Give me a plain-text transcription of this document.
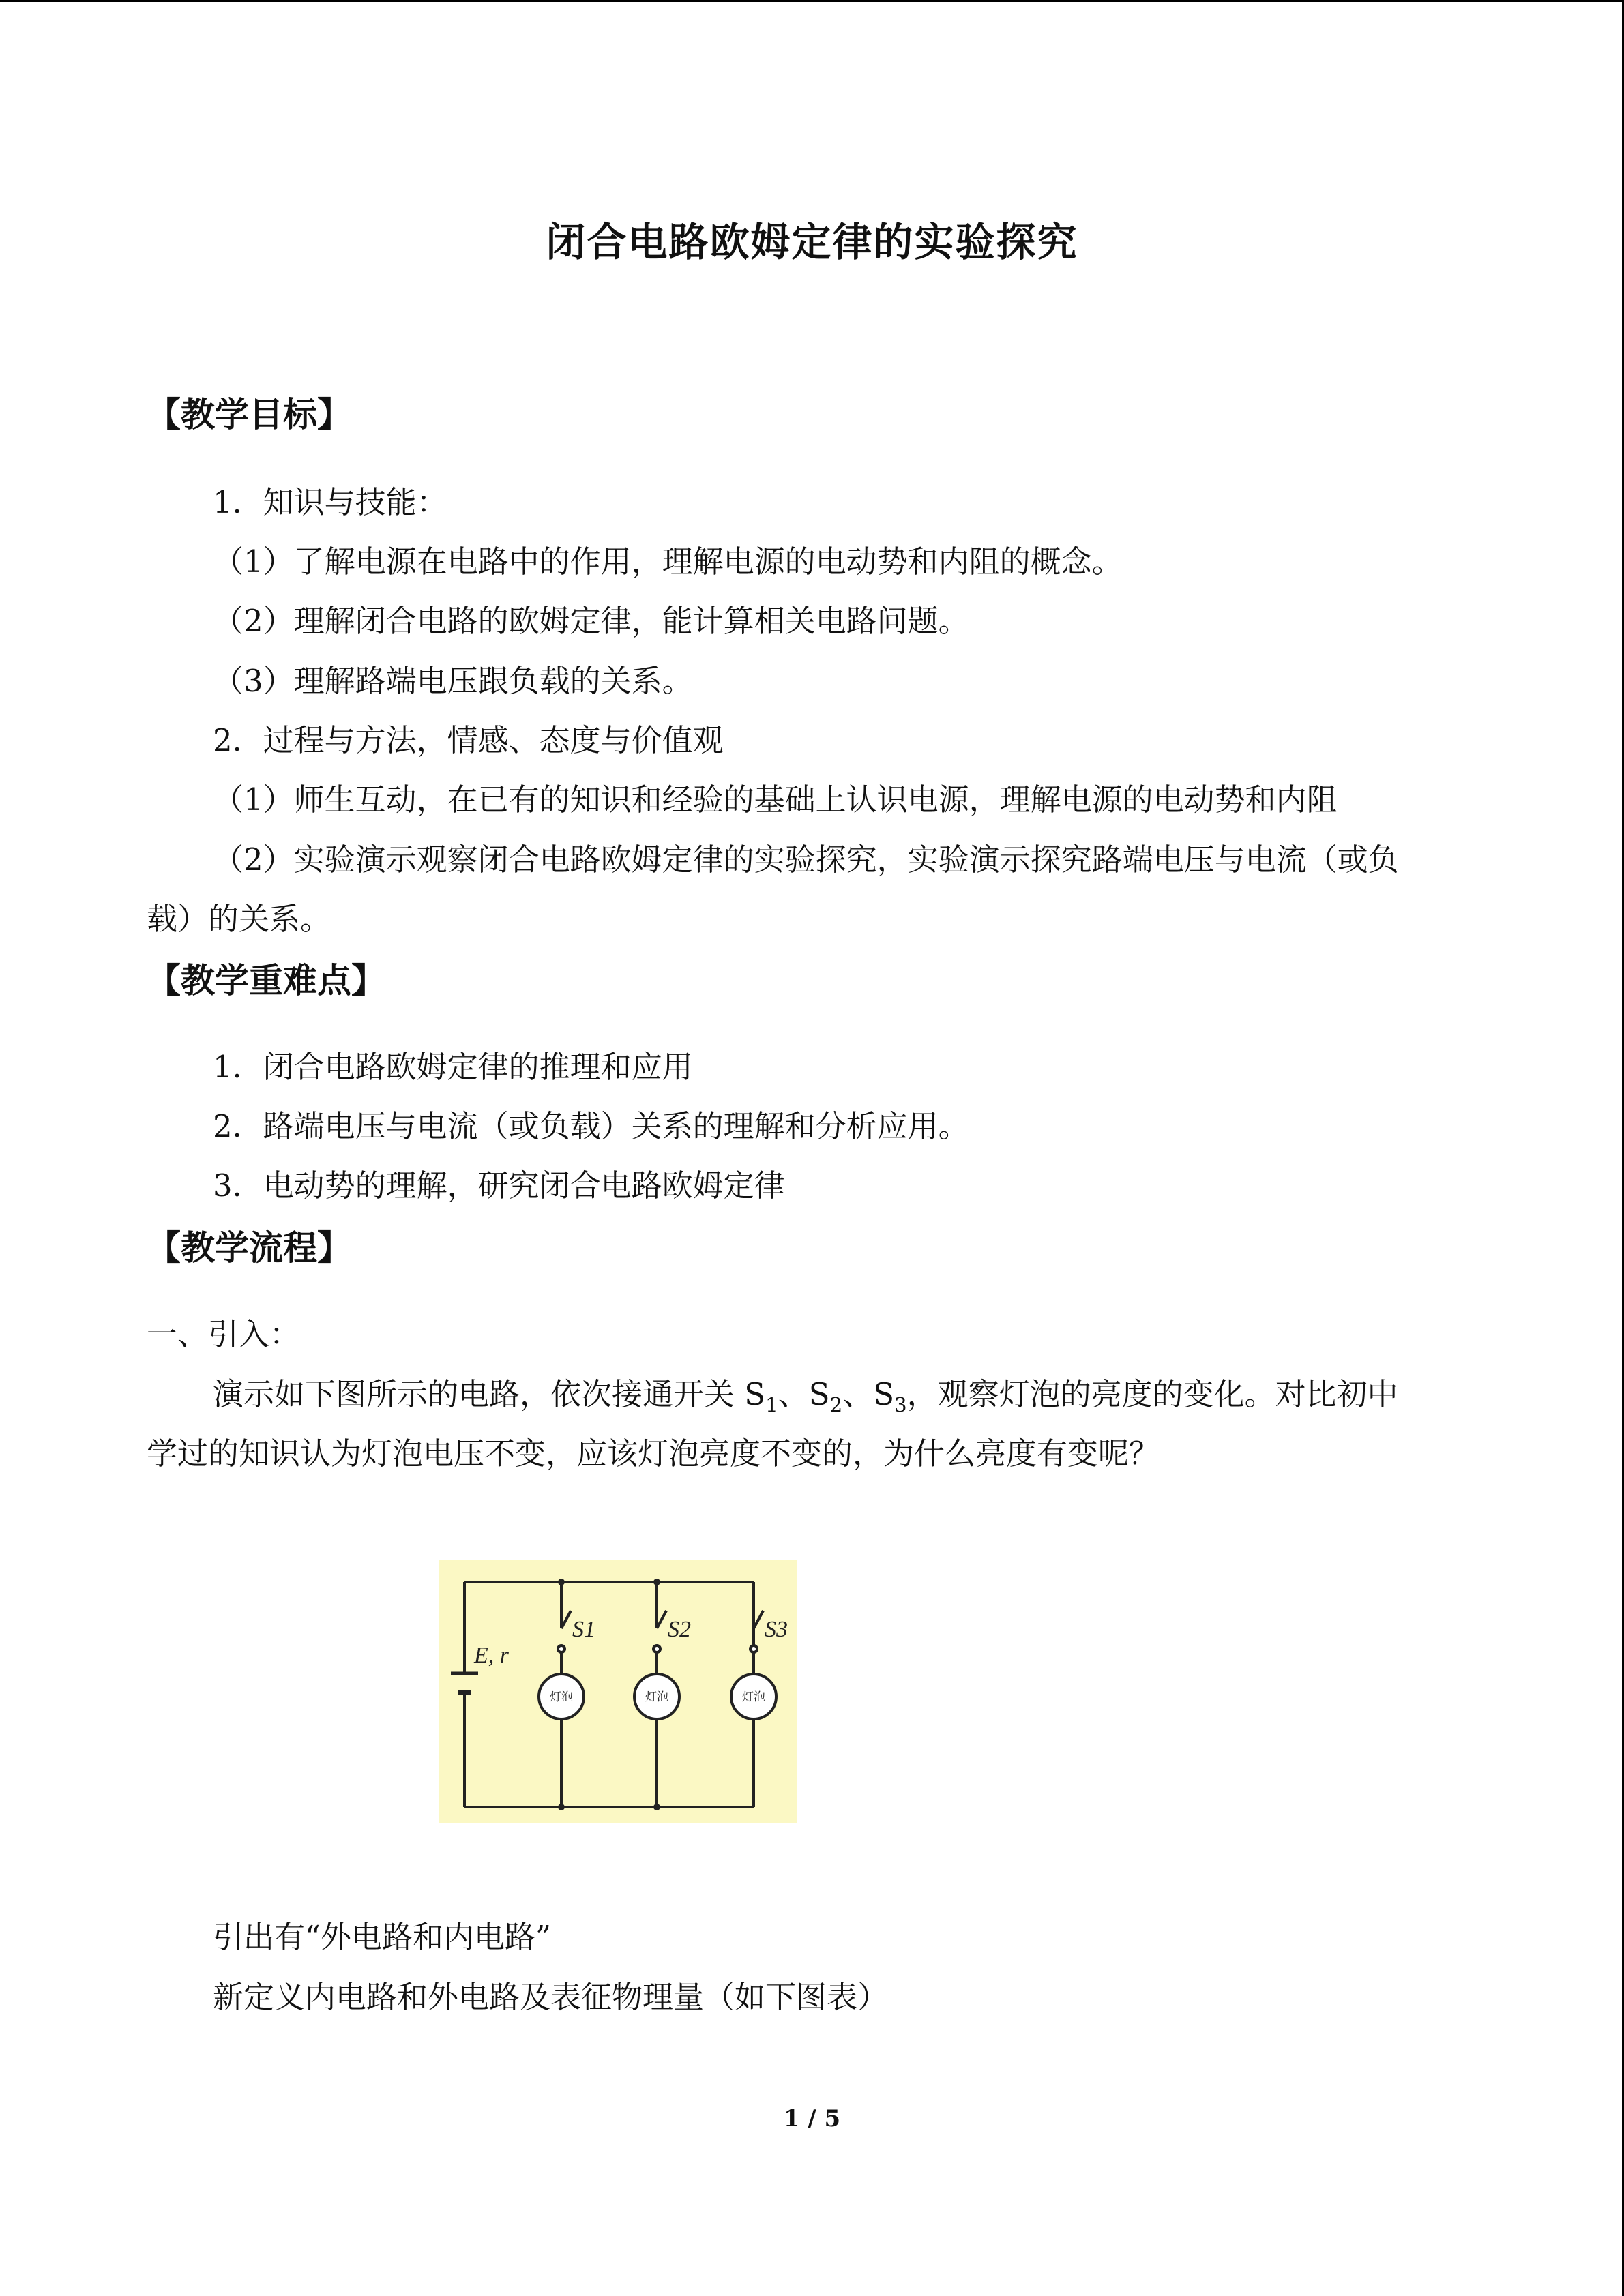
闭合电路欧姆定律的实验探究
【教学目标】
1．知识与技能：
（1）了解电源在电路中的作用，理解电源的电动势和内阻的概念。
（2）理解闭合电路的欧姆定律，能计算相关电路问题。
（3）理解路端电压跟负载的关系。
2．过程与方法，情感、态度与价值观
（1）师生互动，在已有的知识和经验的基础上认识电源，理解电源的电动势和内阻
（2）实验演示观察闭合电路欧姆定律的实验探究，实验演示探究路端电压与电流（或负
载）的关系。
【教学重难点】
1．闭合电路欧姆定律的推理和应用
2．路端电压与电流（或负载）关系的理解和分析应用。
3．电动势的理解，研究闭合电路欧姆定律
【教学流程】
一、引入：
演示如下图所示的电路，依次接通开关 $S_1$、$S_2$、$S_3$，观察灯泡的亮度的变化。对比初中
学过的知识认为灯泡电压不变，应该灯泡亮度不变的，为什么亮度有变呢？
E, r
S1	S2	S3
灯泡	灯泡	灯泡
引出有“外电路和内电路”
新定义内电路和外电路及表征物理量（如下图表）
1 / 5
